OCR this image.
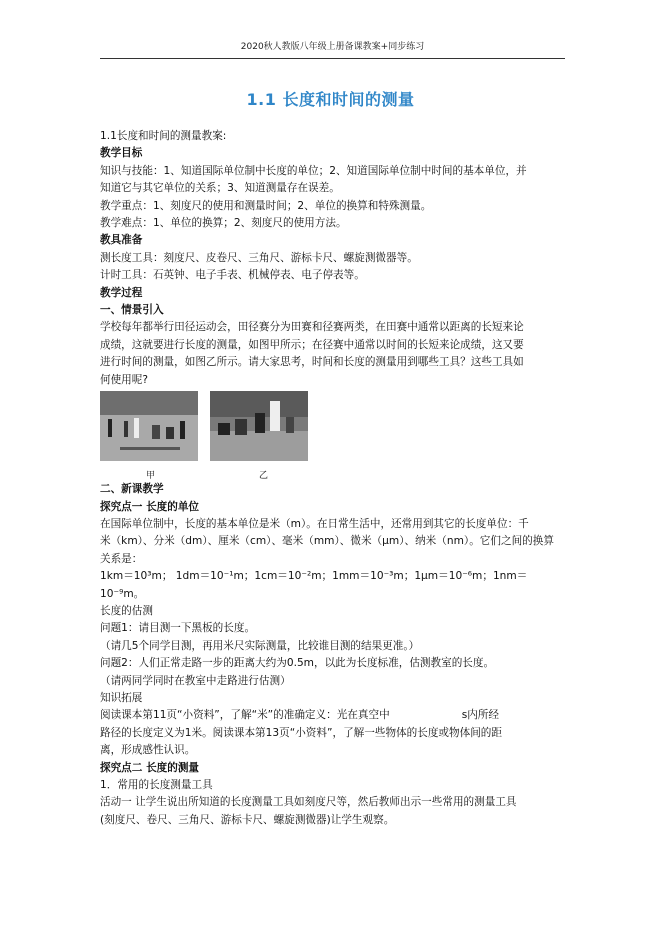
2020秋人教版八年级上册备课教案+同步练习
1.1 长度和时间的测量

1.1长度和时间的测量教案:

教学目标

知识与技能：1、知道国际单位制中长度的单位；2、知道国际单位制中时间的基本单位，并

知道它与其它单位的关系；3、知道测量存在误差。

教学重点：1、刻度尺的使用和测量时间；2、单位的换算和特殊测量。

教学难点：1、单位的换算；2、刻度尺的使用方法。

教具准备

测长度工具：刻度尺、皮卷尺、三角尺、游标卡尺、螺旋测微器等。

计时工具：石英钟、电子手表、机械停表、电子停表等。

教学过程

一、情景引入

学校每年都举行田径运动会，田径赛分为田赛和径赛两类，在田赛中通常以距离的长短来论

成绩，这就要进行长度的测量，如图甲所示；在径赛中通常以时间的长短来论成绩，这又要

进行时间的测量，如图乙所示。请大家思考，时间和长度的测量用到哪些工具？这些工具如

何使用呢?

甲	乙

二、新课教学

探究点一 长度的单位

在国际单位制中，长度的基本单位是米（m）。在日常生活中，还常用到其它的长度单位：千

米（km）、分米（dm）、厘米（cm）、毫米（mm）、微米（μm）、纳米（nm）。它们之间的换算

关系是：

1km＝10³m； 1dm＝10⁻¹m；1cm＝10⁻²m；1mm＝10⁻³m；1μm＝10⁻⁶m；1nm＝10⁻⁹m。

长度的估测

问题1：请目测一下黑板的长度。

（请几5个同学目测，再用米尺实际测量，比较谁目测的结果更准。）

问题2：人们正常走路一步的距离大约为0.5m，以此为长度标准，估测教室的长度。

（请两同学同时在教室中走路进行估测）

知识拓展

阅读课本第11页“小资料”，了解“米”的准确定义：光在真空中	s内所经

路径的长度定义为1米。阅读课本第13页“小资料”，了解一些物体的长度或物体间的距

离，形成感性认识。

探究点二 长度的测量

1．常用的长度测量工具

活动一 让学生说出所知道的长度测量工具如刻度尺等，然后教师出示一些常用的测量工具

(刻度尺、卷尺、三角尺、游标卡尺、螺旋测微器)让学生观察。
